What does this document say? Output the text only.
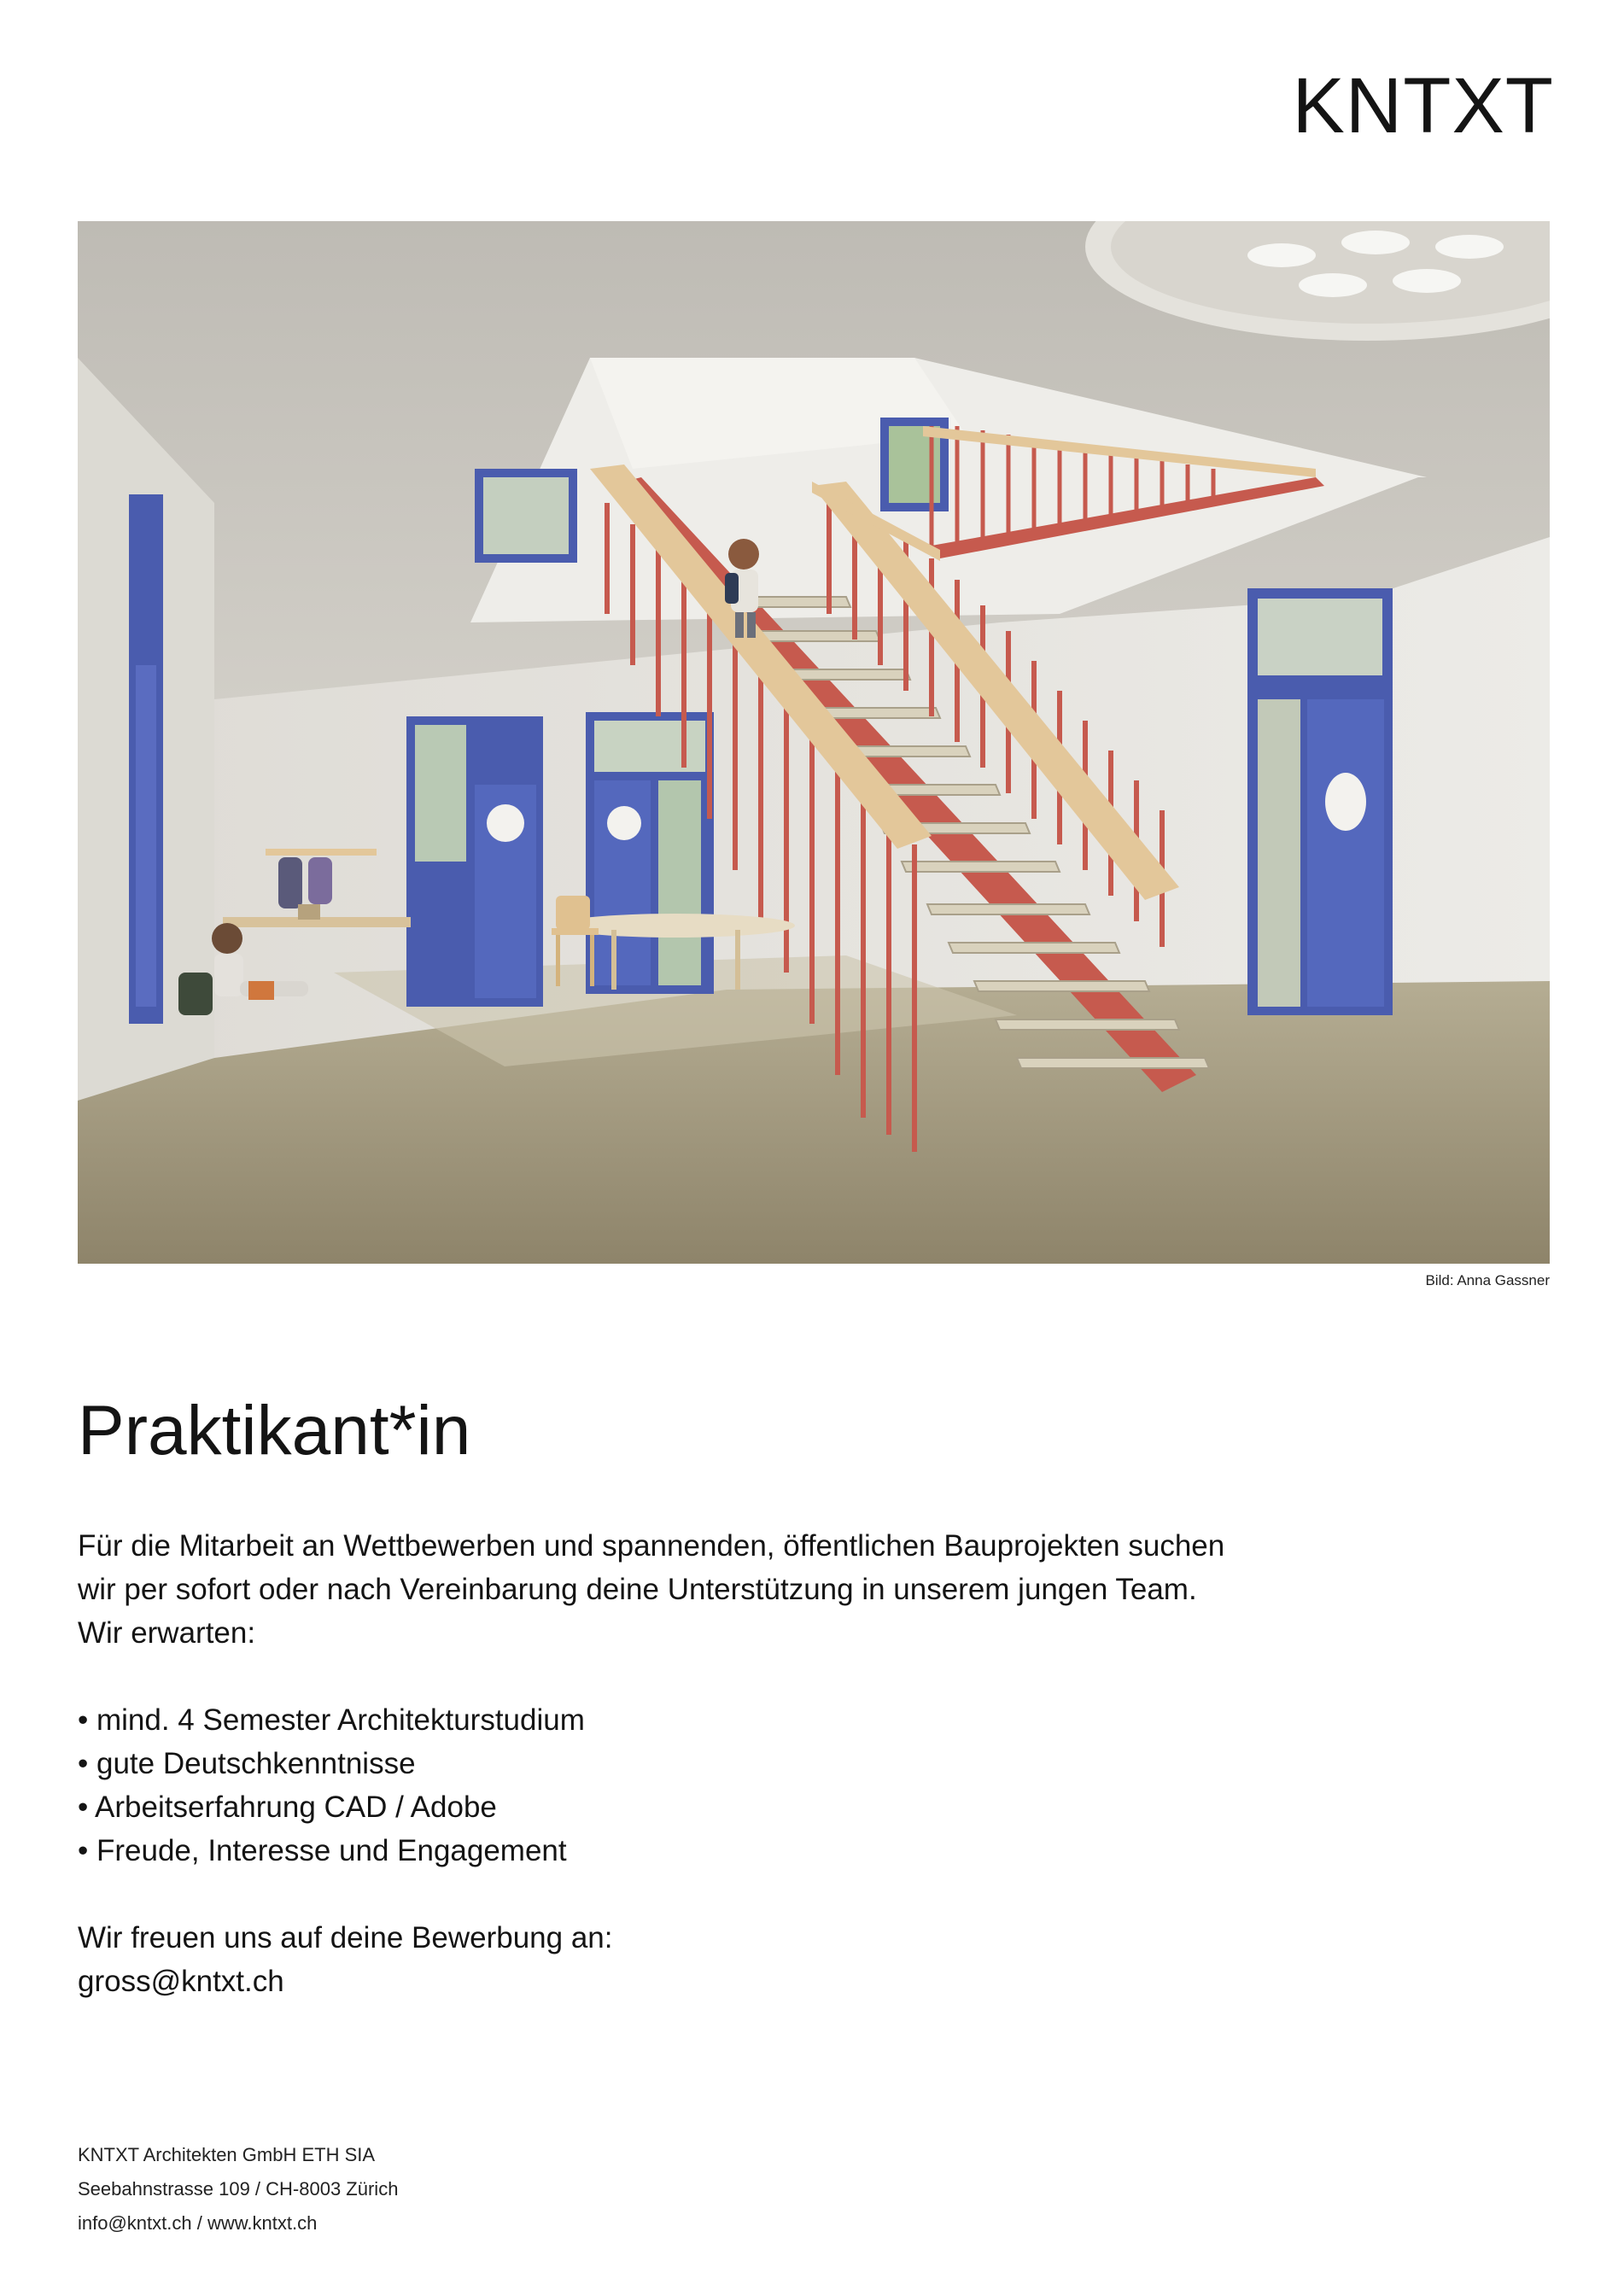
KNTXT
Bild: Anna Gassner
Praktikant*in

Für die Mitarbeit an Wettbewerben und spannenden, öffentlichen Bauprojekten suchen

wir per sofort oder nach Vereinbarung deine Unterstützung in unserem jungen Team.

Wir erwarten:

• mind. 4 Semester Architekturstudium
• gute Deutschkenntnisse
• Arbeitserfahrung CAD / Adobe
• Freude, Interesse und Engagement

Wir freuen uns auf deine Bewerbung an:

gross@kntxt.ch

KNTXT Architekten GmbH ETH SIA
Seebahnstrasse 109 / CH-8003 Zürich
info@kntxt.ch / www.kntxt.ch
